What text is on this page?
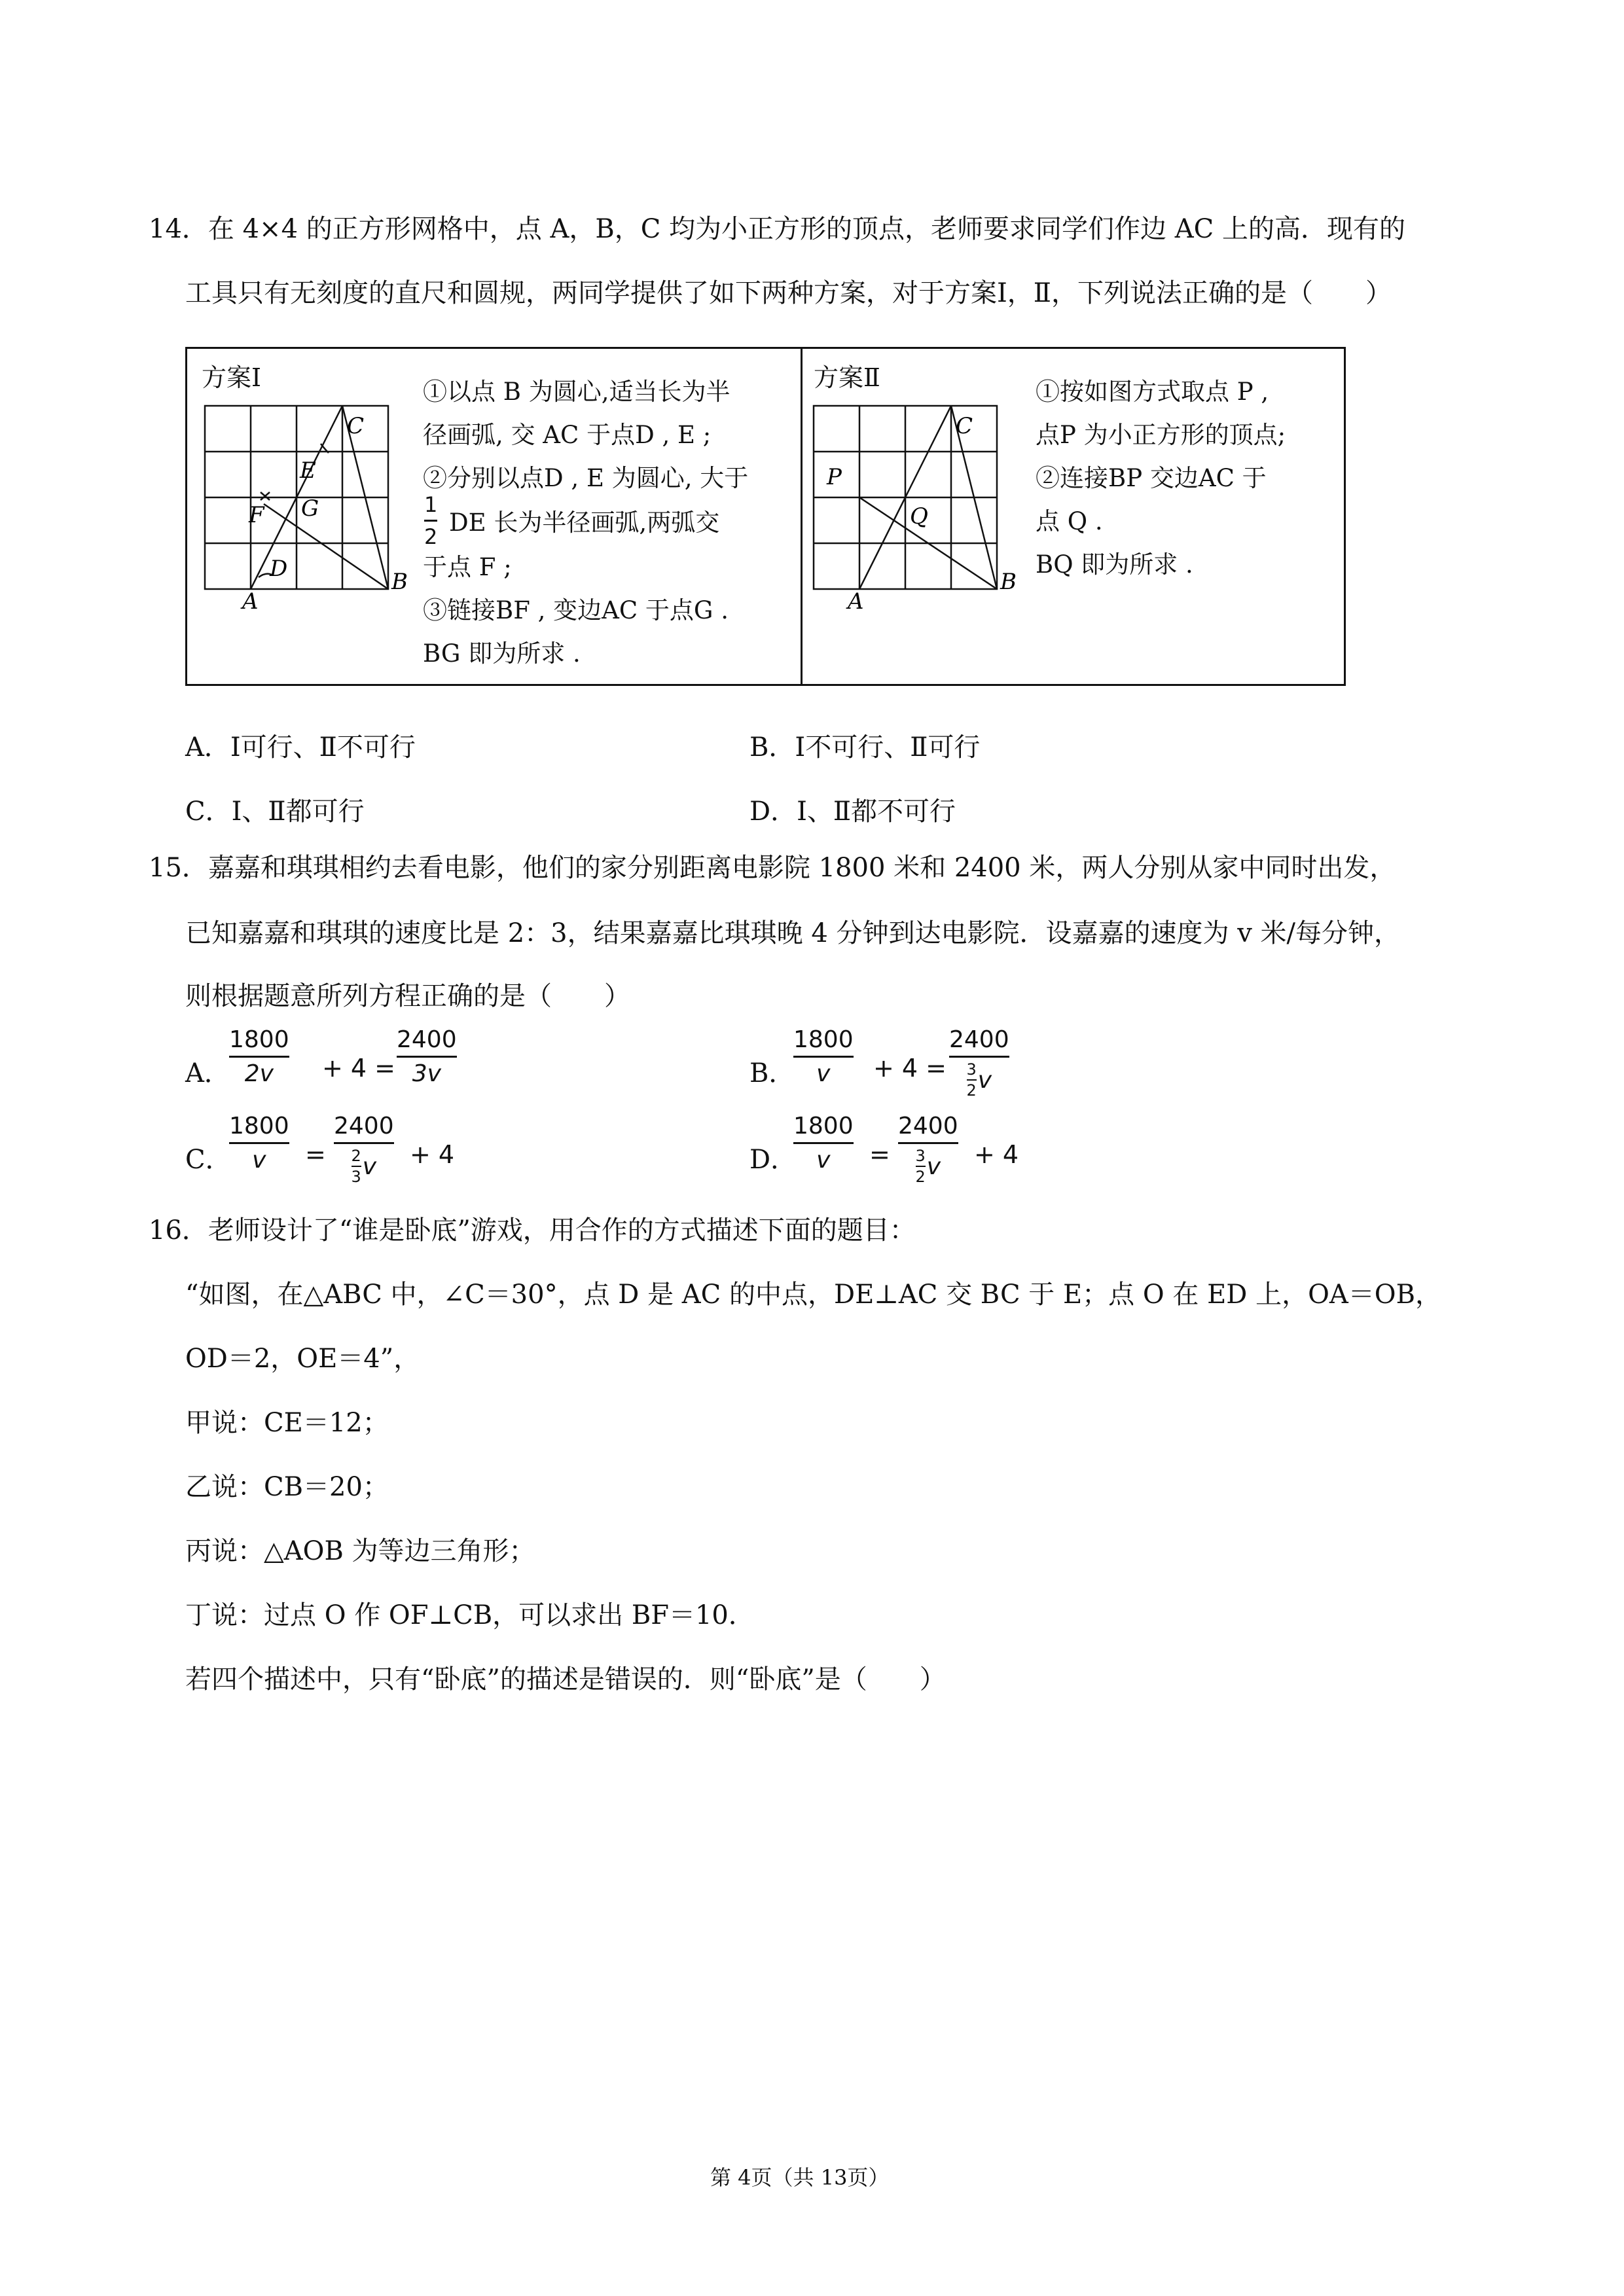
14．在 4×4 的正方形网格中，点 A，B，C 均为小正方形的顶点，老师要求同学们作边 AC 上的高．现有的
工具只有无刻度的直尺和圆规，两同学提供了如下两种方案，对于方案Ⅰ，Ⅱ，下列说法正确的是（　　）
方案Ⅰ
C
E
G
F
D
A
B
①以点 B 为圆心,适当长为半
径画弧, 交 AC 于点D , E ;
②分别以点D , E 为圆心, 大于
1
2 DE 长为半径画弧,两弧交
于点 F ;
③链接BF , 变边AC 于点G .
BG 即为所求 .
方案Ⅱ
C
P
Q
A
B
①按如图方式取点 P ,
点P 为小正方形的顶点;
②连接BP 交边AC 于
点 Q .
BQ 即为所求 .
A．Ⅰ可行、Ⅱ不可行	B．Ⅰ不可行、Ⅱ可行
C．Ⅰ、Ⅱ都可行	D．Ⅰ、Ⅱ都不可行
15．嘉嘉和琪琪相约去看电影，他们的家分别距离电影院 1800 米和 2400 米，两人分别从家中同时出发，
已知嘉嘉和琪琪的速度比是 2：3，结果嘉嘉比琪琪晚 4 分钟到达电影院．设嘉嘉的速度为 v 米/每分钟，
则根据题意所列方程正确的是（　　）
A．
1800
2v + 4 =
2400
3v	B．
1800
v + 4 =
2400
3
2 v
C．
1800
v =
2400
2
3 v + 4	D．
1800
v =
2400
3
2 v + 4
16．老师设计了“谁是卧底”游戏，用合作的方式描述下面的题目：
“如图，在△ABC 中，∠C＝30°，点 D 是 AC 的中点，DE⊥AC 交 BC 于 E；点 O 在 ED 上，OA＝OB，
OD＝2，OE＝4”，
甲说：CE＝12；
乙说：CB＝20；
丙说：△AOB 为等边三角形；
丁说：过点 O 作 OF⊥CB，可以求出 BF＝10．
若四个描述中，只有“卧底”的描述是错误的．则“卧底”是（　　）
第 4页（共 13页）
